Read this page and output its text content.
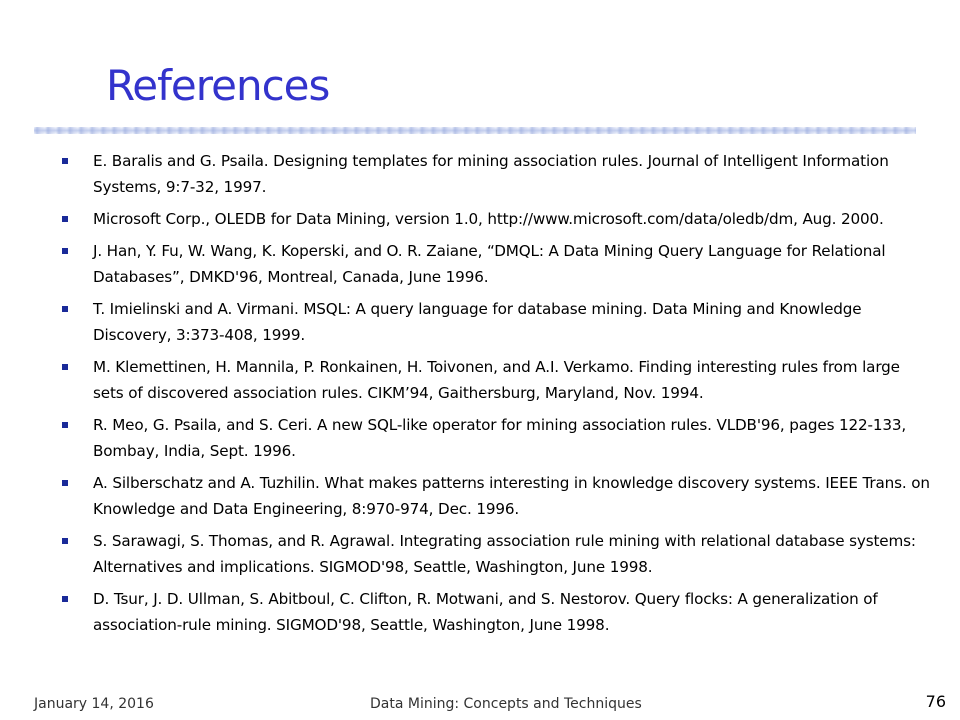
References
E. Baralis and G. Psaila. Designing templates for mining association rules. Journal of Intelligent Information Systems, 9:7-32, 1997.
Microsoft Corp., OLEDB for Data Mining, version 1.0, http://www.microsoft.com/data/oledb/dm, Aug. 2000.
J. Han, Y. Fu, W. Wang, K. Koperski, and O. R. Zaiane, “DMQL: A Data Mining Query Language for Relational Databases”, DMKD'96, Montreal, Canada, June 1996.
T. Imielinski and A. Virmani. MSQL: A query language for database mining. Data Mining and Knowledge Discovery, 3:373-408, 1999.
M. Klemettinen, H. Mannila, P. Ronkainen, H. Toivonen, and A.I. Verkamo. Finding interesting rules from large sets of discovered association rules. CIKM’94, Gaithersburg, Maryland, Nov. 1994.
R. Meo, G. Psaila, and S. Ceri. A new SQL-like operator for mining association rules. VLDB'96, pages 122-133, Bombay, India, Sept. 1996.
A. Silberschatz and A. Tuzhilin. What makes patterns interesting in knowledge discovery systems. IEEE Trans. on Knowledge and Data Engineering, 8:970-974, Dec. 1996.
S. Sarawagi, S. Thomas, and R. Agrawal. Integrating association rule mining with relational database systems: Alternatives and implications. SIGMOD'98, Seattle, Washington, June 1998.
D. Tsur, J. D. Ullman, S. Abitboul, C. Clifton, R. Motwani, and S. Nestorov. Query flocks: A generalization of association-rule mining. SIGMOD'98, Seattle, Washington, June 1998.
January 14, 2016	Data Mining: Concepts and Techniques	76
